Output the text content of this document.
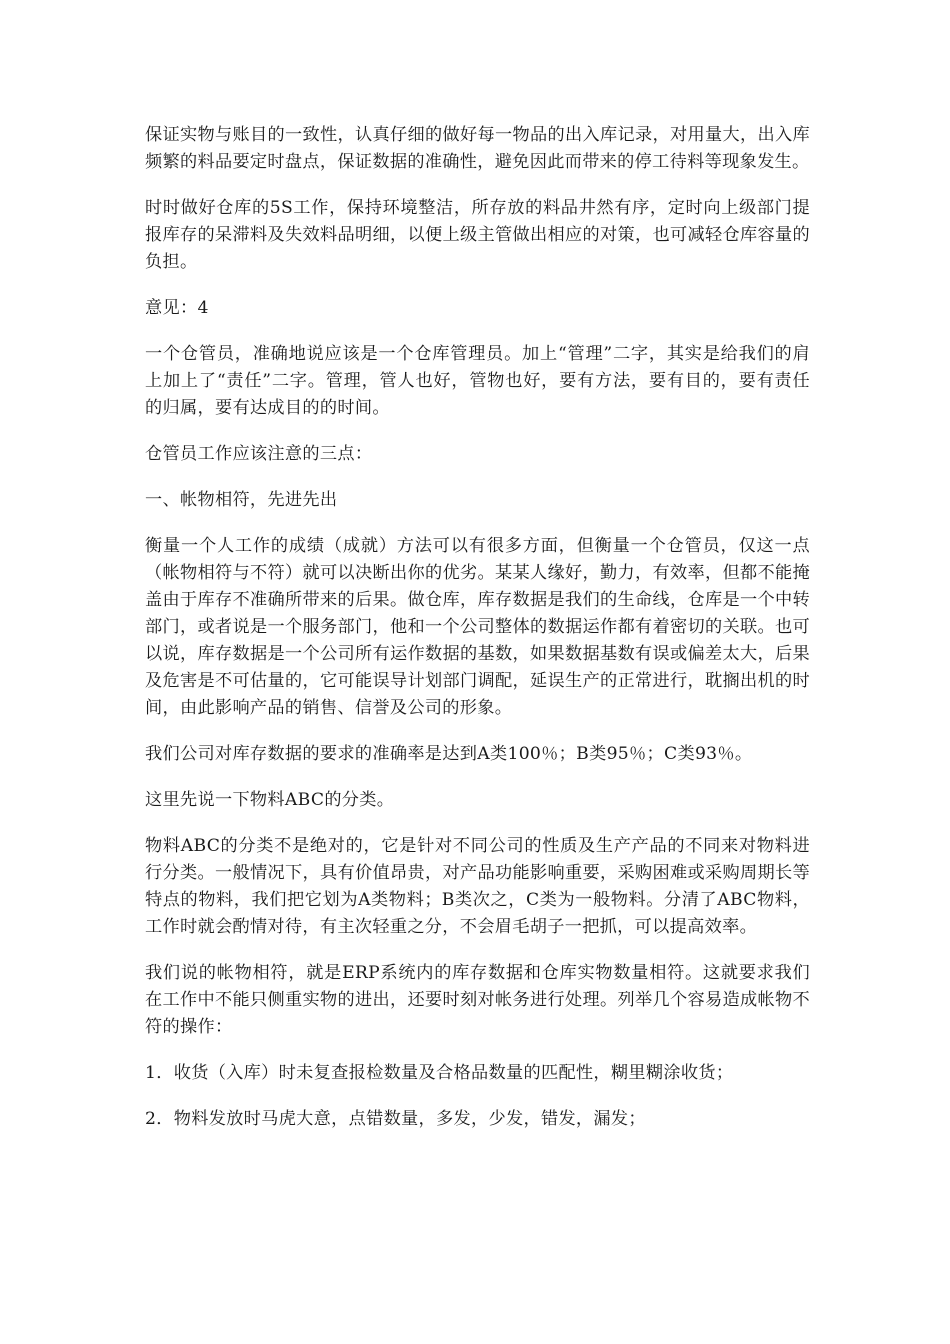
保证实物与账目的一致性，认真仔细的做好每一物品的出入库记录，对用量大，出入库频繁的料品要定时盘点，保证数据的准确性，避免因此而带来的停工待料等现象发生。

时时做好仓库的5S工作，保持环境整洁，所存放的料品井然有序，定时向上级部门提报库存的呆滞料及失效料品明细，以便上级主管做出相应的对策，也可减轻仓库容量的负担。

意见：4

一个仓管员，准确地说应该是一个仓库管理员。加上“管理”二字，其实是给我们的肩上加上了“责任”二字。管理，管人也好，管物也好，要有方法，要有目的，要有责任的归属，要有达成目的的时间。

仓管员工作应该注意的三点：

一、帐物相符，先进先出

衡量一个人工作的成绩（成就）方法可以有很多方面，但衡量一个仓管员，仅这一点（帐物相符与不符）就可以决断出你的优劣。某某人缘好，勤力，有效率，但都不能掩盖由于库存不准确所带来的后果。做仓库，库存数据是我们的生命线，仓库是一个中转部门，或者说是一个服务部门，他和一个公司整体的数据运作都有着密切的关联。也可以说，库存数据是一个公司所有运作数据的基数，如果数据基数有误或偏差太大，后果及危害是不可估量的，它可能误导计划部门调配，延误生产的正常进行，耽搁出机的时间，由此影响产品的销售、信誉及公司的形象。

我们公司对库存数据的要求的准确率是达到A类100％；B类95％；C类93％。

这里先说一下物料ABC的分类。

物料ABC的分类不是绝对的，它是针对不同公司的性质及生产产品的不同来对物料进行分类。一般情况下，具有价值昂贵，对产品功能影响重要，采购困难或采购周期长等特点的物料，我们把它划为A类物料；B类次之，C类为一般物料。分清了ABC物料，工作时就会酌情对待，有主次轻重之分，不会眉毛胡子一把抓，可以提高效率。

我们说的帐物相符，就是ERP系统内的库存数据和仓库实物数量相符。这就要求我们在工作中不能只侧重实物的进出，还要时刻对帐务进行处理。列举几个容易造成帐物不符的操作：

1．收货（入库）时未复查报检数量及合格品数量的匹配性，糊里糊涂收货；

2．物料发放时马虎大意，点错数量，多发，少发，错发，漏发；
